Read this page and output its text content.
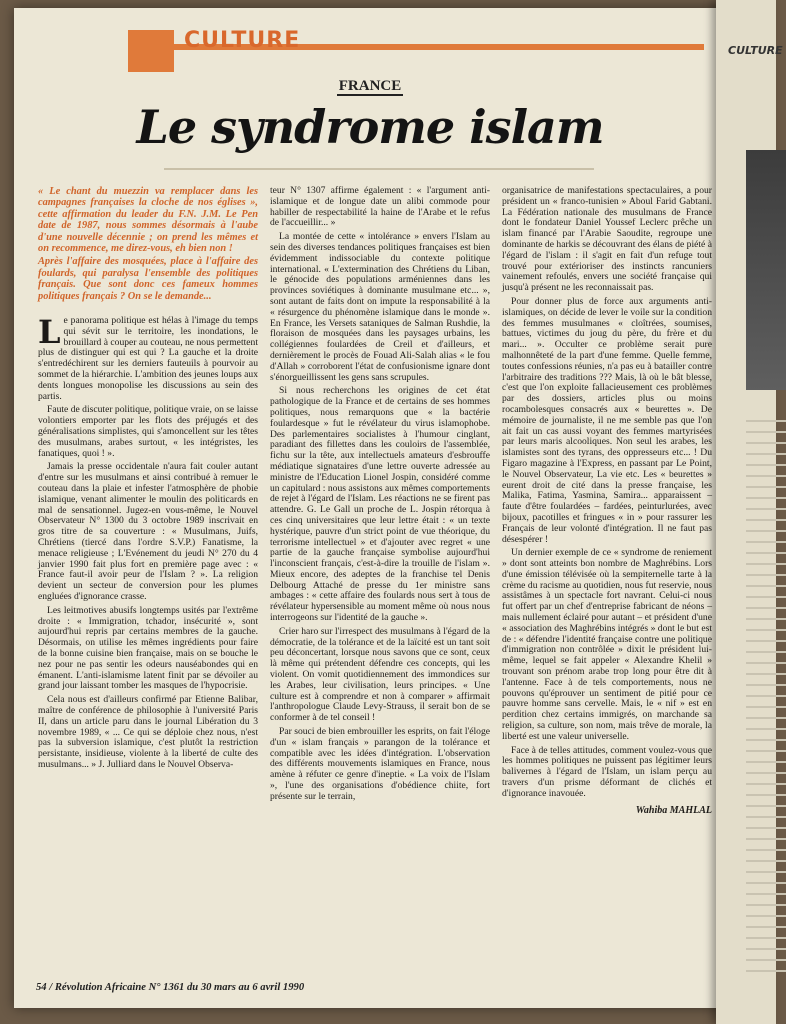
CULTURE
FRANCE
Le syndrome islam

« Le chant du muezzin va remplacer dans les campagnes françaises la cloche de nos églises », cette affirmation du leader du F.N. J.M. Le Pen date de 1987, nous sommes désormais à l'aube d'une nouvelle décennie ; on prend les mêmes et on recommence, me direz-vous, eh bien non !

Après l'affaire des mosquées, place à l'affaire des foulards, qui paralysa l'ensemble des politiques français. Que sont donc ces fameux hommes politiques français ? On se le demande...

Le panorama politique est hélas à l'image du temps qui sévit sur le territoire, les inondations, le brouillard à couper au couteau, ne nous permettent plus de distinguer qui est qui ? La gauche et la droite s'entredéchirent sur les derniers fauteuils à pourvoir au sommet de la hiérarchie. L'ambition des jeunes loups aux dents longues monopolise les discussions au sein des partis.

Faute de discuter politique, politique vraie, on se laisse volontiers emporter par les flots des préjugés et des généralisations simplistes, qui s'amoncellent sur les têtes des musulmans, arabes surtout, « les intégristes, les fanatiques, quoi ! ».

Jamais la presse occidentale n'aura fait couler autant d'entre sur les musulmans et ainsi contribué à remuer le couteau dans la plaie et infester l'atmosphère de phobie islamique, venant alimenter le moulin des politicards en mal de sensationnel. Jugez-en vous-même, le Nouvel Observateur N° 1300 du 3 octobre 1989 inscrivait en gros titre de sa couverture : « Musulmans, Juifs, Chrétiens (tiercé dans l'ordre S.V.P.) Fanatisme, la menace religieuse ; L'Evénement du jeudi N° 270 du 4 janvier 1990 fait plus fort en première page avec : « France faut-il avoir peur de l'Islam ? ». La religion devient un secteur de conversion pour les plumes engluées d'ignorance crasse.

Les leitmotives abusifs longtemps usités par l'extrême droite : « Immigration, tchador, insécurité », sont aujourd'hui repris par certains membres de la gauche. Désormais, on utilise les mêmes ingrédients pour faire de la bonne cuisine bien française, mais on se bouche le nez pour ne pas sentir les odeurs nauséabondes qui en émanent. L'anti-islamisme latent finit par se dévoiler au grand jour laissant tomber les masques de l'hypocrisie.

Cela nous est d'ailleurs confirmé par Etienne Balibar, maître de conférence de philosophie à l'université Paris II, dans un article paru dans le journal Libération du 3 novembre 1989, « ... Ce qui se déploie chez nous, n'est pas la subversion islamique, c'est plutôt la restriction persistante, insidieuse, violente à la liberté de culte des musulmans... » J. Julliard dans le Nouvel Observa-

teur N° 1307 affirme également : « l'argument anti-islamique et de longue date un alibi commode pour habiller de respectabilité la haine de l'Arabe et le refus de l'accueillir... »

La montée de cette « intolérance » envers l'Islam au sein des diverses tendances politiques françaises est bien évidemment indissociable du contexte politique international. « L'extermination des Chrétiens du Liban, le génocide des populations arméniennes dans les provinces soviétiques à dominante musulmane etc... », sont autant de faits dont on impute la responsabilité à la « résurgence du phénomène islamique dans le monde ». En France, les Versets sataniques de Salman Rushdie, la floraison de mosquées dans les paysages urbains, les collégiennes foulardées de Creil et d'ailleurs, et dernièrement le procès de Fouad Ali-Salah alias « le fou d'Allah » corroborent l'état de confusionisme ignare dont s'énorgueillissent les gens sans scrupules.

Si nous recherchons les origines de cet état pathologique de la France et de certains de ses hommes politiques, nous remarquons que « la bactérie foulardesque » fut le révélateur du virus islamophobe. Des parlementaires socialistes à l'humour cinglant, paradiant des fillettes dans les couloirs de l'assemblée, fichu sur la tête, aux intellectuels amateurs d'esbrouffe médiatique signataires d'une lettre ouverte adressée au ministre de l'Education Lionel Jospin, considéré comme un capitulard : nous assistons aux mêmes comportements de rejet à l'égard de l'Islam. Les réactions ne se firent pas attendre. G. Le Gall un proche de L. Jospin rétorqua à ces cinq universitaires que leur lettre était : « un texte hystérique, pauvre d'un strict point de vue théorique, du terrorisme intellectuel » et d'ajouter avec regret « une partie de la gauche française symbolise aujourd'hui l'inconscient français, c'est-à-dire la trouille de l'islam ». Mieux encore, des adeptes de la franchise tel Denis Delbourg Attaché de presse du 1er ministre sans ambages : « cette affaire des foulards nous sert à tous de révélateur hypersensible au moment même où nous nous interrogeons sur l'identité de la gauche ».

Crier haro sur l'irrespect des musulmans à l'égard de la démocratie, de la tolérance et de la laïcité est un tant soit peu déconcertant, lorsque nous savons que ce sont, ceux là même qui prétendent défendre ces concepts, qui les violent. On vomit quotidiennement des immondices sur les Arabes, leur civilisation, leurs principes. « Une culture est à comprendre et non à comparer » affirmait l'anthropologue Claude Levy-Strauss, il serait bon de se conformer à de tel conseil !

Par souci de bien embrouiller les esprits, on fait l'éloge d'un « islam français » parangon de la tolérance et compatible avec les idées d'intégration. L'observation des différents mouvements islamiques en France, nous amène à réfuter ce genre d'ineptie. « La voix de l'Islam », l'une des organisations d'obédience chiite, fort présente sur le terrain,

organisatrice de manifestations spectaculaires, a pour président un « franco-tunisien » Aboul Farid Gabtani. La Fédération nationale des musulmans de France dont le fondateur Daniel Youssef Leclerc prêche un islam financé par l'Arabie Saoudite, regroupe une dominante de harkis se découvrant des élans de piété à l'égard de l'islam : il s'agit en fait d'un refuge tout trouvé pour extérioriser des instincts rancuniers vainement refoulés, envers une société française qui jusqu'à présent ne les reconnaissait pas.

Pour donner plus de force aux arguments anti-islamiques, on décide de lever le voile sur la condition des femmes musulmanes « cloîtrées, soumises, battues, victimes du joug du père, du frère et du mari... ». Occulter ce problème serait pure malhonnêteté de la part d'une femme. Quelle femme, toutes confessions réunies, n'a pas eu à batailler contre l'arbitraire des traditions ??? Mais, là où le bât blesse, c'est que l'on exploite fallacieusement ces problèmes par des dossiers, articles plus ou moins rocambolesques consacrés aux « beurettes ». De mémoire de journaliste, il ne me semble pas que l'on ait fait un cas aussi voyant des femmes martyrisées par leurs maris alcooliques. Non seul les arabes, les islamistes sont des tyrans, des oppresseurs etc... ! Du Figaro magazine à l'Express, en passant par Le Point, le Nouvel Observateur, La vie etc. Les « beurettes » eurent droit de cité dans la presse française, les Malika, Fatima, Yasmina, Samira... apparaissent – faute d'être foulardées – fardées, peinturlurées, avec bijoux, pacotilles et fringues « in » pour rassurer les Français de leur volonté d'intégration. Il ne faut pas désespérer !

Un dernier exemple de ce « syndrome de reniement » dont sont atteints bon nombre de Maghrébins. Lors d'une émission télévisée où la sempiternelle tarte à la crème du racisme au quotidien, nous fut reservie, nous assistâmes à un spectacle fort navrant. Celui-ci nous fut offert par un chef d'entreprise fabricant de néons – mais nullement éclairé pour autant – et président d'une « association des Maghrébins intégrés » dont le but est de : « défendre l'identité française contre une politique d'immigration non contrôlée » dixit le président lui-même, lequel se fait appeler « Alexandre Khelil » trouvant son prénom arabe trop long pour être dit à l'antenne. Face à de tels comportements, nous ne pouvons qu'éprouver un sentiment de pitié pour ce pauvre homme sans cervelle. Mais, le « nif » est en perdition chez certains immigrés, on marchande sa religion, sa culture, son nom, mais trêve de morale, la liberté est une valeur universelle.

Face à de telles attitudes, comment voulez-vous que les hommes politiques ne puissent pas légitimer leurs balivernes à l'égard de l'Islam, un islam perçu au travers d'un prisme déformant de clichés et d'ignorance inavouée.

Wahiba MAHLAL
54 / Révolution Africaine N° 1361 du 30 mars au 6 avril 1990
CULTURE
